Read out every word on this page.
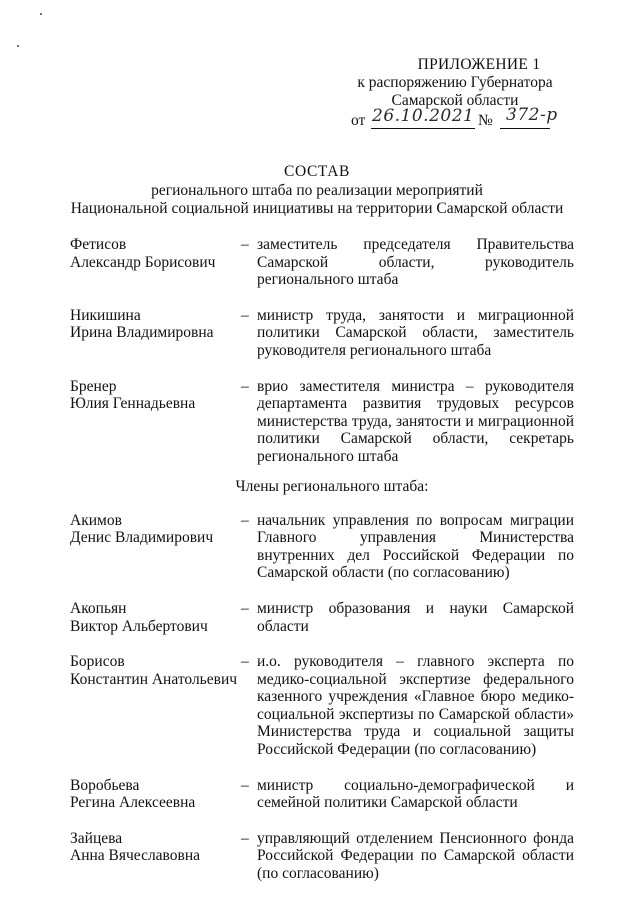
ПРИЛОЖЕНИЕ 1
к распоряжению Губернатора
Самарской области
от 26.10.2021 № 372-р
СОСТАВ
регионального штаба по реализации мероприятий
Национальной социальной инициативы на территории Самарской области
Фетисов
Александр Борисович
– заместитель председателя Правительства Самарской области, руководитель регионального штаба
Никишина
Ирина Владимировна
– министр труда, занятости и миграционной политики Самарской области, заместитель руководителя регионального штаба
Бренер
Юлия Геннадьевна
– врио заместителя министра – руководителя департамента развития трудовых ресурсов министерства труда, занятости и миграционной политики Самарской области, секретарь регионального штаба
Члены регионального штаба:
Акимов
Денис Владимирович
– начальник управления по вопросам миграции Главного управления Министерства внутренних дел Российской Федерации по Самарской области (по согласованию)
Акопьян
Виктор Альбертович
– министр образования и науки Самарской области
Борисов
Константин Анатольевич
– и.о. руководителя – главного эксперта по медико-социальной экспертизе федерального казенного учреждения «Главное бюро медико-социальной экспертизы по Самарской области» Министерства труда и социальной защиты Российской Федерации (по согласованию)
Воробьева
Регина Алексеевна
– министр социально-демографической и семейной политики Самарской области
Зайцева
Анна Вячеславовна
– управляющий отделением Пенсионного фонда Российской Федерации по Самарской области (по согласованию)
